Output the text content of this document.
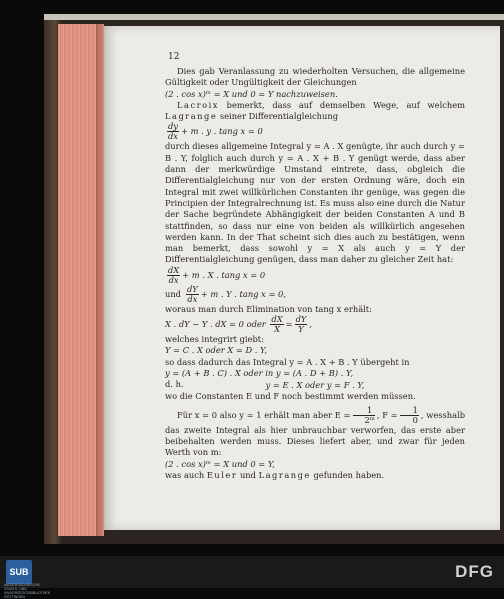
12

Dies gab Veranlassung zu wiederholten Versuchen, die allgemeine Gültigkeit oder Ungültigkeit der Gleichungen

(2 . cos x)ᵐ = X und 0 = Y nachzuweisen.

Lacroix bemerkt, dass auf demselben Wege, auf welchem Lagrange seiner Differentialgleichung

$\frac{dy}{dx} + m$ . y . tang x = 0

durch dieses allgemeine Integral y = A . X genügte, ihr auch durch y = B . Y, folglich auch durch y = A . X + B . Y genügt werde, dass aber dann der merkwürdige Umstand eintrete, dass, obgleich die Differentialgleichung nur von der ersten Ordnung wäre, doch ein Integral mit zwei willkürlichen Constanten ihr genüge, was gegen die Principien der Integralrechnung ist. Es muss also eine durch die Natur der Sache begründete Abhängigkeit der beiden Constanten A und B stattfinden, so dass nur eine von beiden als willkürlich angesehen werden kann. In der That scheint sich dies auch zu bestätigen, wenn man bemerkt, dass sowohl y = X als auch y = Y der Differentialgleichung genügen, dass man daher zu gleicher Zeit hat:

$\frac{dX}{dx} + m$ . X . tang x = 0

und $\frac{dY}{dx} + m$ . Y . tang x = 0,

woraus man durch Elimination von tang x erhält:

X . dY − Y . dX = 0 oder $\frac{dX}{X} = \frac{dY}{Y}$ ,

welches integrirt giebt:

Y = C . X oder X = D . Y,

so dass dadurch das Integral y = A . X + B . Y übergeht in

y = (A + B . C) . X oder in y = (A . D + B) . Y,

d. h.	y = E . X oder y = F . Y,

wo die Constanten E und F noch bestimmt werden müssen.

Für x = 0 also y = 1 erhält man aber $E = \frac{1}{\text{2ᵐ}}$ , $F = \frac{1}{0}$ , wesshalb das zweite Integral als hier unbrauchbar verworfen, das erste aber beibehalten werden muss. Dieses liefert aber, und zwar für jeden Werth von m:

(2 . cos x)ᵐ = X und 0 = Y,

was auch Euler und Lagrange gefunden haben.

SUB
NIEDERSÄCHSISCHE STAATS- UND UNIVERSITÄTSBIBLIOTHEK GÖTTINGEN
DFG
